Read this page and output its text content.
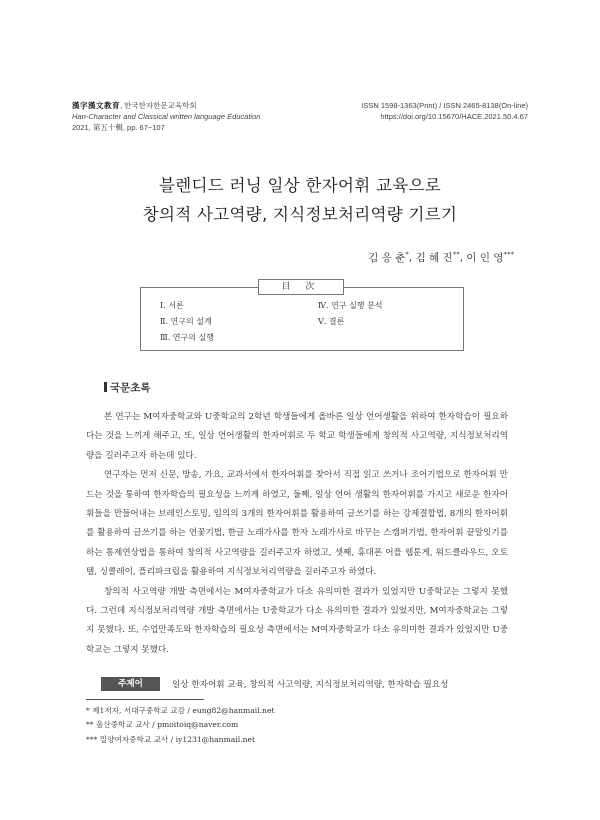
漢字漢文教育, 한국한자한문교육학회
Han-Character and Classical written language Education
2021, 第五十輯, pp. 67~107
ISSN 1598-1363(Print) / ISSN 2465-8138(On-line)
https://doi.org/10.15670/HACE.2021.50.4.67
블렌디드 러닝 일상 한자어휘 교육으로
창의적 사고역량, 지식정보처리역량 기르기
김 응 춘*, 김 혜 진**, 이 인 영***
目 次
Ⅰ. 서론
Ⅱ. 연구의 설계
Ⅲ. 연구의 실행
Ⅳ. 연구 실행 분석
Ⅴ. 결론
국문초록

본 연구는 M여자중학교와 U중학교의 2학년 학생들에게 올바른 일상 언어생활을 위하여 한자학습이 필요하다는 것을 느끼게 해주고, 또, 일상 언어생활의 한자어휘로 두 학교 학생들에게 창의적 사고역량, 지식정보처리역량을 길러주고자 하는데 있다.

연구자는 먼저 신문, 방송, 가요, 교과서에서 한자어휘를 찾아서 직접 읽고 쓰거나 조어기법으로 한자어휘 만드는 것을 통하여 한자학습의 필요성을 느끼게 하였고, 둘째, 일상 언어 생활의 한자어휘를 가지고 새로운 한자어휘들을 만들어내는 브레인스토밍, 임의의 3개의 한자어휘를 활용하여 글쓰기를 하는 강제결합법, 8개의 한자어휘를 활용하여 글쓰기를 하는 연꽃기법, 한글 노래가사를 한자 노래가사로 바꾸는 스캠퍼기법, 한자어휘 끝말잇기를 하는 통제연상법을 통하여 창의적 사고역량을 길러주고자 하였고, 셋째, 휴대폰 어플 웹툰게, 워드클라우드, 오토텔, 싱클레이, 플리파크립을 활용하여 지식정보처리역량을 길러주고자 하였다.

창의적 사고역량 개발 측면에서는 M여자중학교가 다소 유의미한 결과가 있었지만 U중학교는 그렇지 못했다. 그런데 지식정보처리역량 개발 측면에서는 U중학교가 다소 유의미한 결과가 있었지만, M여자중학교는 그렇지 못했다. 또, 수업만족도와 한자학습의 필요성 측면에서는 M여자중학교가 다소 유의미한 결과가 있었지만 U중학교는 그렇지 못했다.

주제어	일상 한자어휘 교육, 창의적 사고역량, 지식정보처리역량, 한자학습 필요성
* 제1저자, 서대구중학교 교감 / eung82@hanmail.net
** 울산중학교 교사 / pmoitoiq@naver.com
*** 밀양여자중학교 교사 / iy1231@hanmail.net
